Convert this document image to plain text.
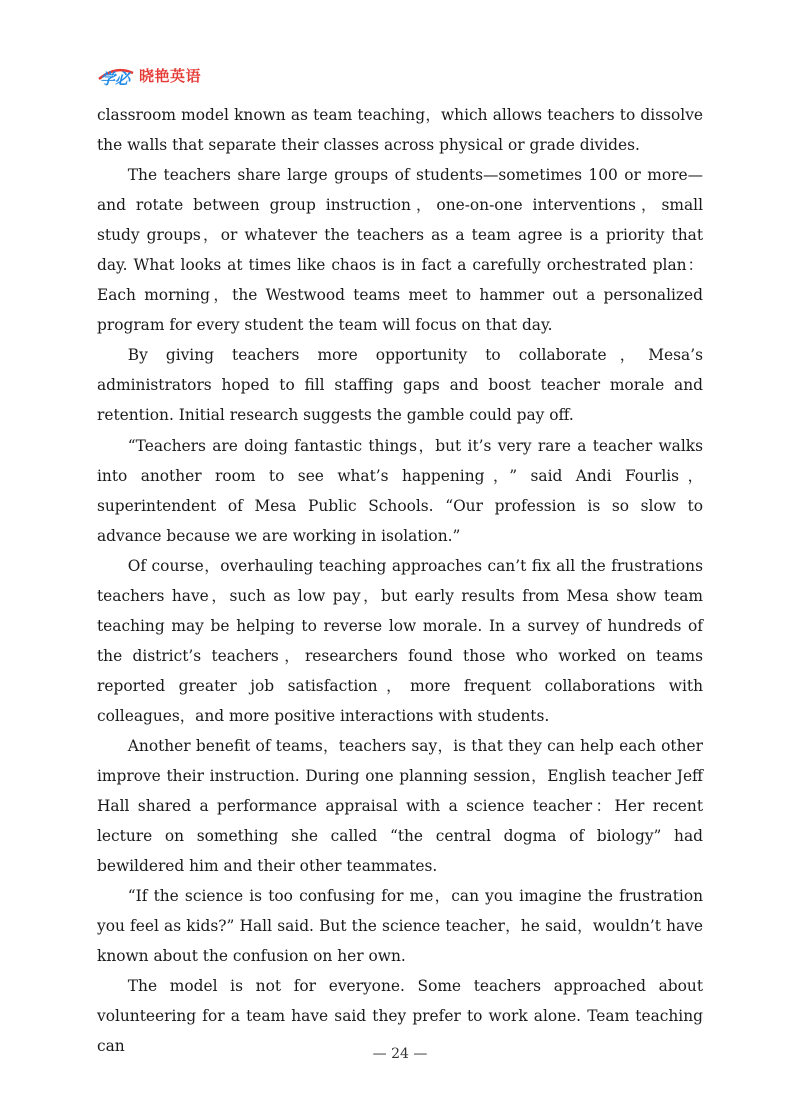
学必 晓艳英语

classroom model known as team teaching，which allows teachers to dissolve the walls that separate their classes across physical or grade divides.

The teachers share large groups of students—sometimes 100 or more—and rotate between group instruction，one-on-one interventions，small study groups，or whatever the teachers as a team agree is a priority that day. What looks at times like chaos is in fact a carefully orchestrated plan：Each morning，the Westwood teams meet to hammer out a personalized program for every student the team will focus on that day.

By giving teachers more opportunity to collaborate，Mesa’s administrators hoped to fill staffing gaps and boost teacher morale and retention. Initial research suggests the gamble could pay off.

“Teachers are doing fantastic things，but it’s very rare a teacher walks into another room to see what’s happening，” said Andi Fourlis，superintendent of Mesa Public Schools. “Our profession is so slow to advance because we are working in isolation.”

Of course，overhauling teaching approaches can’t fix all the frustrations teachers have，such as low pay，but early results from Mesa show team teaching may be helping to reverse low morale. In a survey of hundreds of the district’s teachers，researchers found those who worked on teams reported greater job satisfaction，more frequent collaborations with colleagues，and more positive interactions with students.

Another benefit of teams，teachers say，is that they can help each other improve their instruction. During one planning session，English teacher Jeff Hall shared a performance appraisal with a science teacher：Her recent lecture on something she called “the central dogma of biology” had bewildered him and their other teammates.

“If the science is too confusing for me，can you imagine the frustration you feel as kids?” Hall said. But the science teacher，he said，wouldn’t have known about the confusion on her own.

The model is not for everyone. Some teachers approached about volunteering for a team have said they prefer to work alone. Team teaching can	— 24 —
